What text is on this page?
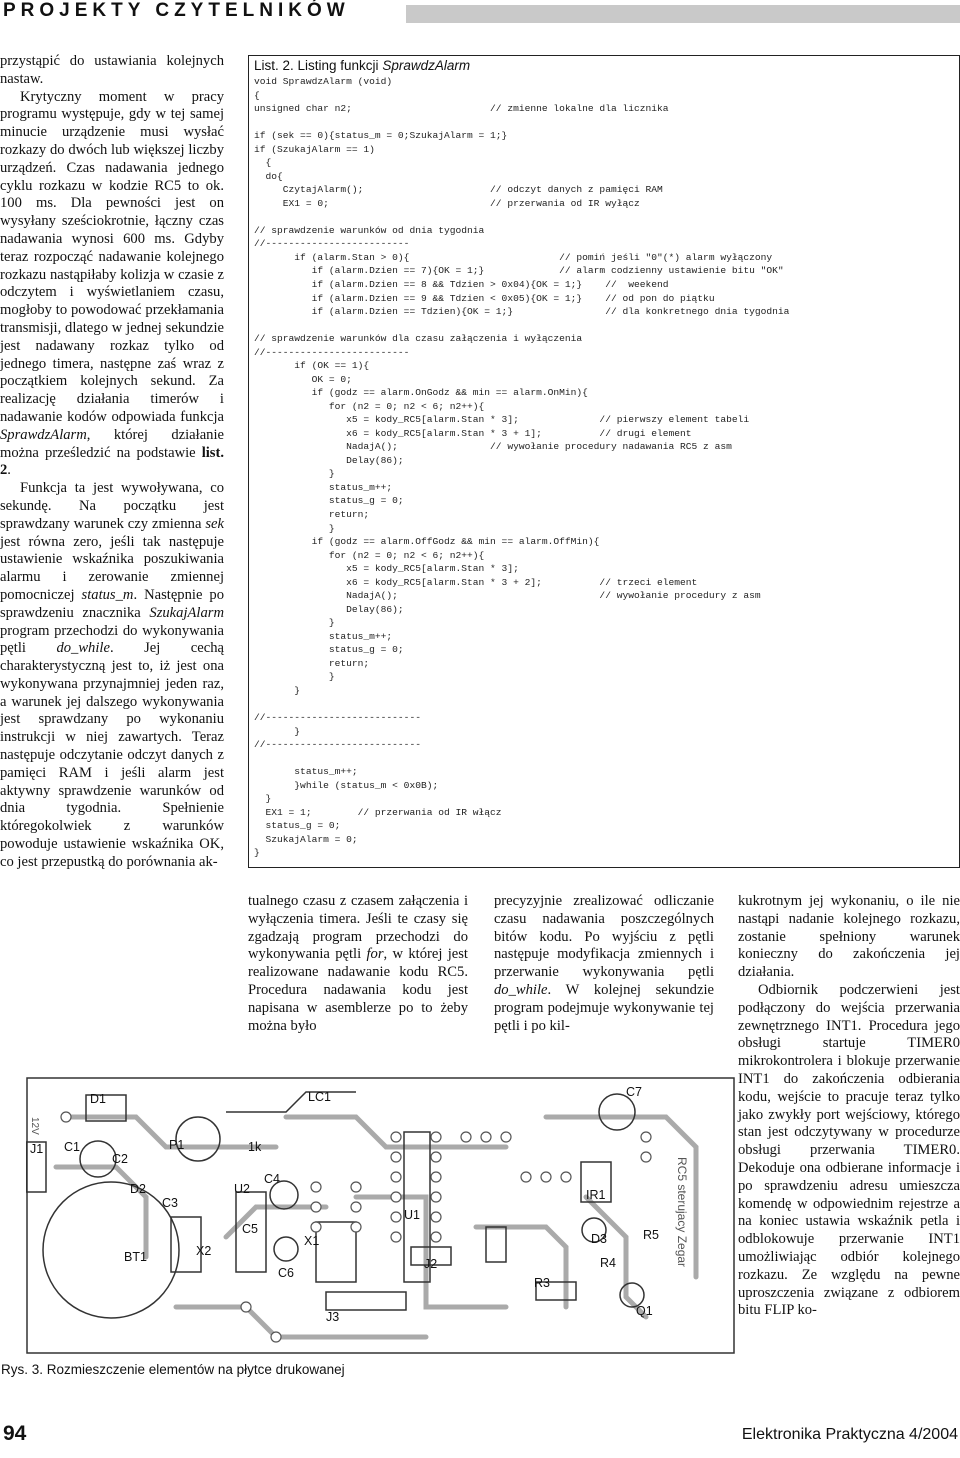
PROJEKTY CZYTELNIKÓW

przystąpić do ustawiania kolejnych nastaw.

Krytyczny moment w pracy programu występuje, gdy w tej samej minucie urządzenie musi wysłać rozkazy do dwóch lub większej liczby urządzeń. Czas nadawania jednego cyklu rozkazu w kodzie RC5 to ok. 100 ms. Dla pewności jest on wysyłany sześciokrotnie, łączny czas nadawania wynosi 600 ms. Gdyby teraz rozpocząć nadawanie kolejnego rozkazu nastąpiłaby kolizja w czasie z odczytem i wyświetlaniem czasu, mogłoby to powodować przekłamania transmisji, dlatego w jednej sekundzie jest nadawany rozkaz tylko od jednego timera, następne zaś wraz z początkiem kolejnych sekund. Za realizację działania timerów i nadawanie kodów odpowiada funkcja SprawdzAlarm, której działanie można prześledzić na podstawie list. 2.

Funkcja ta jest wywoływana, co sekundę. Na początku jest sprawdzany warunek czy zmienna sek jest równa zero, jeśli tak następuje ustawienie wskaźnika poszukiwania alarmu i zerowanie zmiennej pomocniczej status_m. Następnie po sprawdzeniu znacznika SzukajAlarm program przechodzi do wykonywania pętli do_while. Jej cechą charakterystyczną jest to, iż jest ona wykonywana przynajmniej jeden raz, a warunek jej dalszego wykonywania jest sprawdzany po wykonaniu instrukcji w niej zawartych. Teraz następuje odczytanie odczyt danych z pamięci RAM i jeśli alarm jest aktywny sprawdzenie warunków od dnia tygodnia. Spełnienie któregokolwiek z warunków powoduje ustawienie wskaźnika OK, co jest przepustką do porównania ak-

List. 2. Listing funkcji SprawdzAlarm
void SprawdzAlarm (void)
{
unsigned char n2;                        // zmienne lokalne dla licznika

if (sek == 0){status_m = 0;SzukajAlarm = 1;}
if (SzukajAlarm == 1)
{
do{
CzytajAlarm();                      // odczyt danych z pamięci RAM
EX1 = 0;                            // przerwania od IR wyłącz

// sprawdzenie warunków od dnia tygodnia
//-------------------------
if (alarm.Stan > 0){                          // pomiń jeśli "0"(*) alarm wyłączony
if (alarm.Dzien == 7){OK = 1;}             // alarm codzienny ustawienie bitu "OK"
if (alarm.Dzien == 8 && Tdzien > 0x04){OK = 1;}    //  weekend
if (alarm.Dzien == 9 && Tdzien < 0x05){OK = 1;}    // od pon do piątku
if (alarm.Dzien == Tdzien){OK = 1;}                // dla konkretnego dnia tygodnia

// sprawdzenie warunków dla czasu załączenia i wyłączenia
//-------------------------
if (OK == 1){
OK = 0;
if (godz == alarm.OnGodz && min == alarm.OnMin){
for (n2 = 0; n2 < 6; n2++){
x5 = kody_RC5[alarm.Stan * 3];              // pierwszy element tabeli
x6 = kody_RC5[alarm.Stan * 3 + 1];          // drugi element
NadajA();                // wywołanie procedury nadawania RC5 z asm
Delay(86);
}
status_m++;
status_g = 0;
return;
}
if (godz == alarm.OffGodz && min == alarm.OffMin){
for (n2 = 0; n2 < 6; n2++){
x5 = kody_RC5[alarm.Stan * 3];
x6 = kody_RC5[alarm.Stan * 3 + 2];          // trzeci element
NadajA();                                   // wywołanie procedury z asm
Delay(86);
}
status_m++;
status_g = 0;
return;
}
}

//---------------------------
}
//---------------------------

status_m++;
}while (status_m < 0x0B);
}
EX1 = 1;        // przerwania od IR włącz
status_g = 0;
SzukajAlarm = 0;
}

tualnego czasu z czasem załączenia i wyłączenia timera. Jeśli te czasy się zgadzają program przechodzi do wykonywania pętli for, w której jest realizowane nadawanie kodu RC5. Procedura nadawania kodu jest napisana w asemblerze po to żeby można było

precyzyjnie zrealizować odliczanie czasu nadawania poszczególnych bitów kodu. Po wyjściu z pętli następuje modyfikacja zmiennych i przerwanie wykonywania pętli do_while. W kolejnej sekundzie program podejmuje wykonywanie tej pętli i po kil-

kukrotnym jej wykonaniu, o ile nie nastąpi nadanie kolejnego rozkazu, zostanie spełniony warunek konieczny do zakończenia jej działania.

Odbiornik podczerwieni jest podłączony do wejścia przerwania zewnętrznego INT1. Procedura jego obsługi startuje TIMER0 mikrokontrolera i blokuje przerwanie INT1 do zakończenia odbierania kodu, wejście to pracuje teraz tylko jako zwykły port wejściowy, którego stan jest odczytywany w procedurze obsługi przerwania TIMER0. Dekoduje ona odbierane informacje i po sprawdzeniu adresu umieszcza komendę w odpowiednim rejestrze a na koniec ustawia wskaźnik petla i odblokowuje przerwanie INT1 umożliwiając odbiór kolejnego rozkazu. Ze względu na pewne uproszczenia związane z odbiorem bitu FLIP ko-

D1	LC1	C7
J1 C1
C2
P1	1k
C4
D2
C3
U2
U1
IR1
C5
X1
BT1	X2
C6
J2
D3	R5
R4
R3
J3	Q1
RC5 sterujacy Zegar
12V
Rys. 3. Rozmieszczenie elementów na płytce drukowanej
94	Elektronika Praktyczna 4/2004
